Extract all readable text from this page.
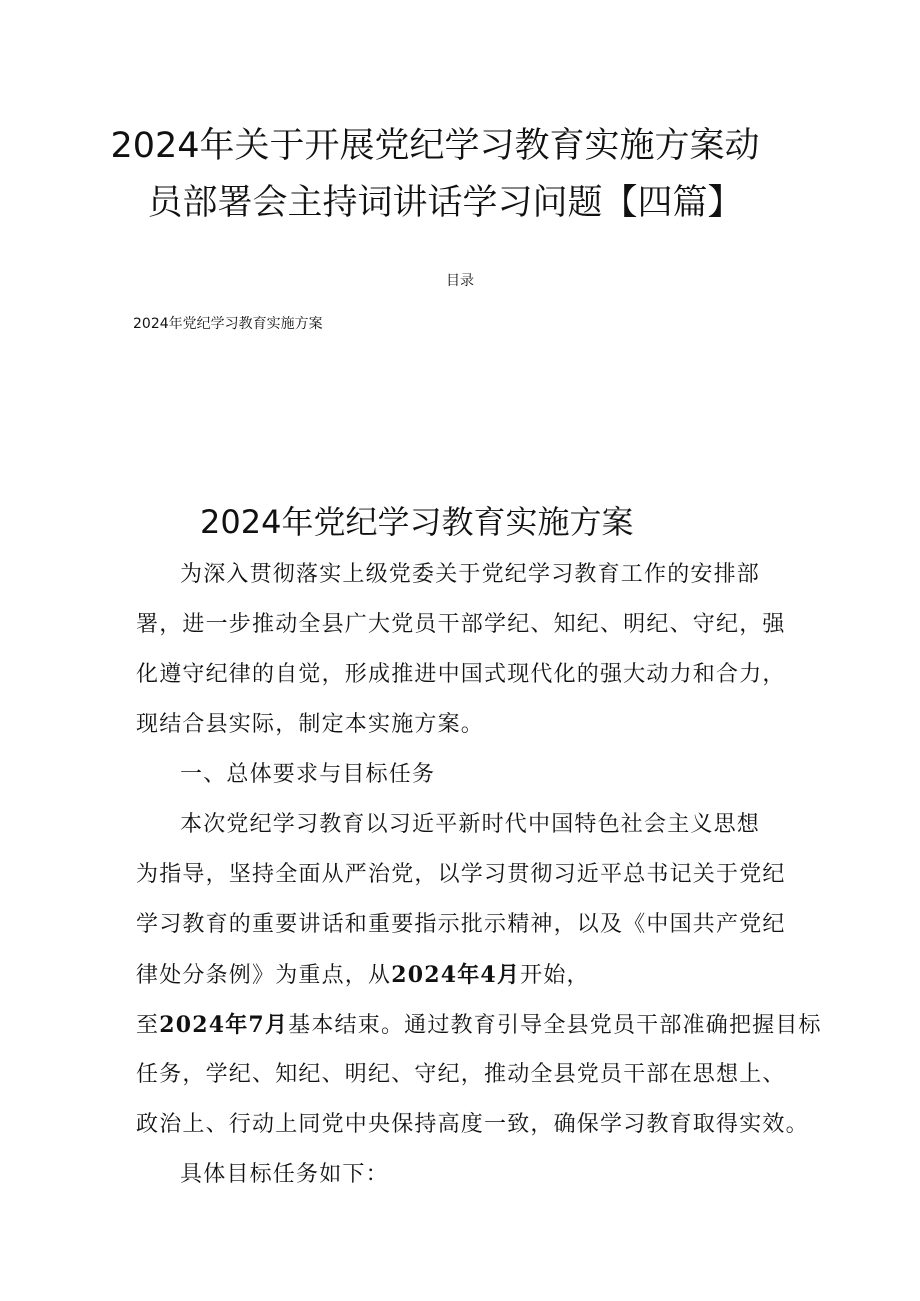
2024年关于开展党纪学习教育实施方案动
员部署会主持词讲话学习问题【四篇】
目录
2024年党纪学习教育实施方案
2024年党纪学习教育实施方案
为深入贯彻落实上级党委关于党纪学习教育工作的安排部
署，进一步推动全县广大党员干部学纪、知纪、明纪、守纪，强
化遵守纪律的自觉，形成推进中国式现代化的强大动力和合力，
现结合县实际，制定本实施方案。
一、总体要求与目标任务
本次党纪学习教育以习近平新时代中国特色社会主义思想
为指导，坚持全面从严治党，以学习贯彻习近平总书记关于党纪
学习教育的重要讲话和重要指示批示精神，以及《中国共产党纪
律处分条例》为重点，从2024年4月开始，
至2024年7月基本结束。通过教育引导全县党员干部准确把握目标
任务，学纪、知纪、明纪、守纪，推动全县党员干部在思想上、
政治上、行动上同党中央保持高度一致，确保学习教育取得实效。
具体目标任务如下：
